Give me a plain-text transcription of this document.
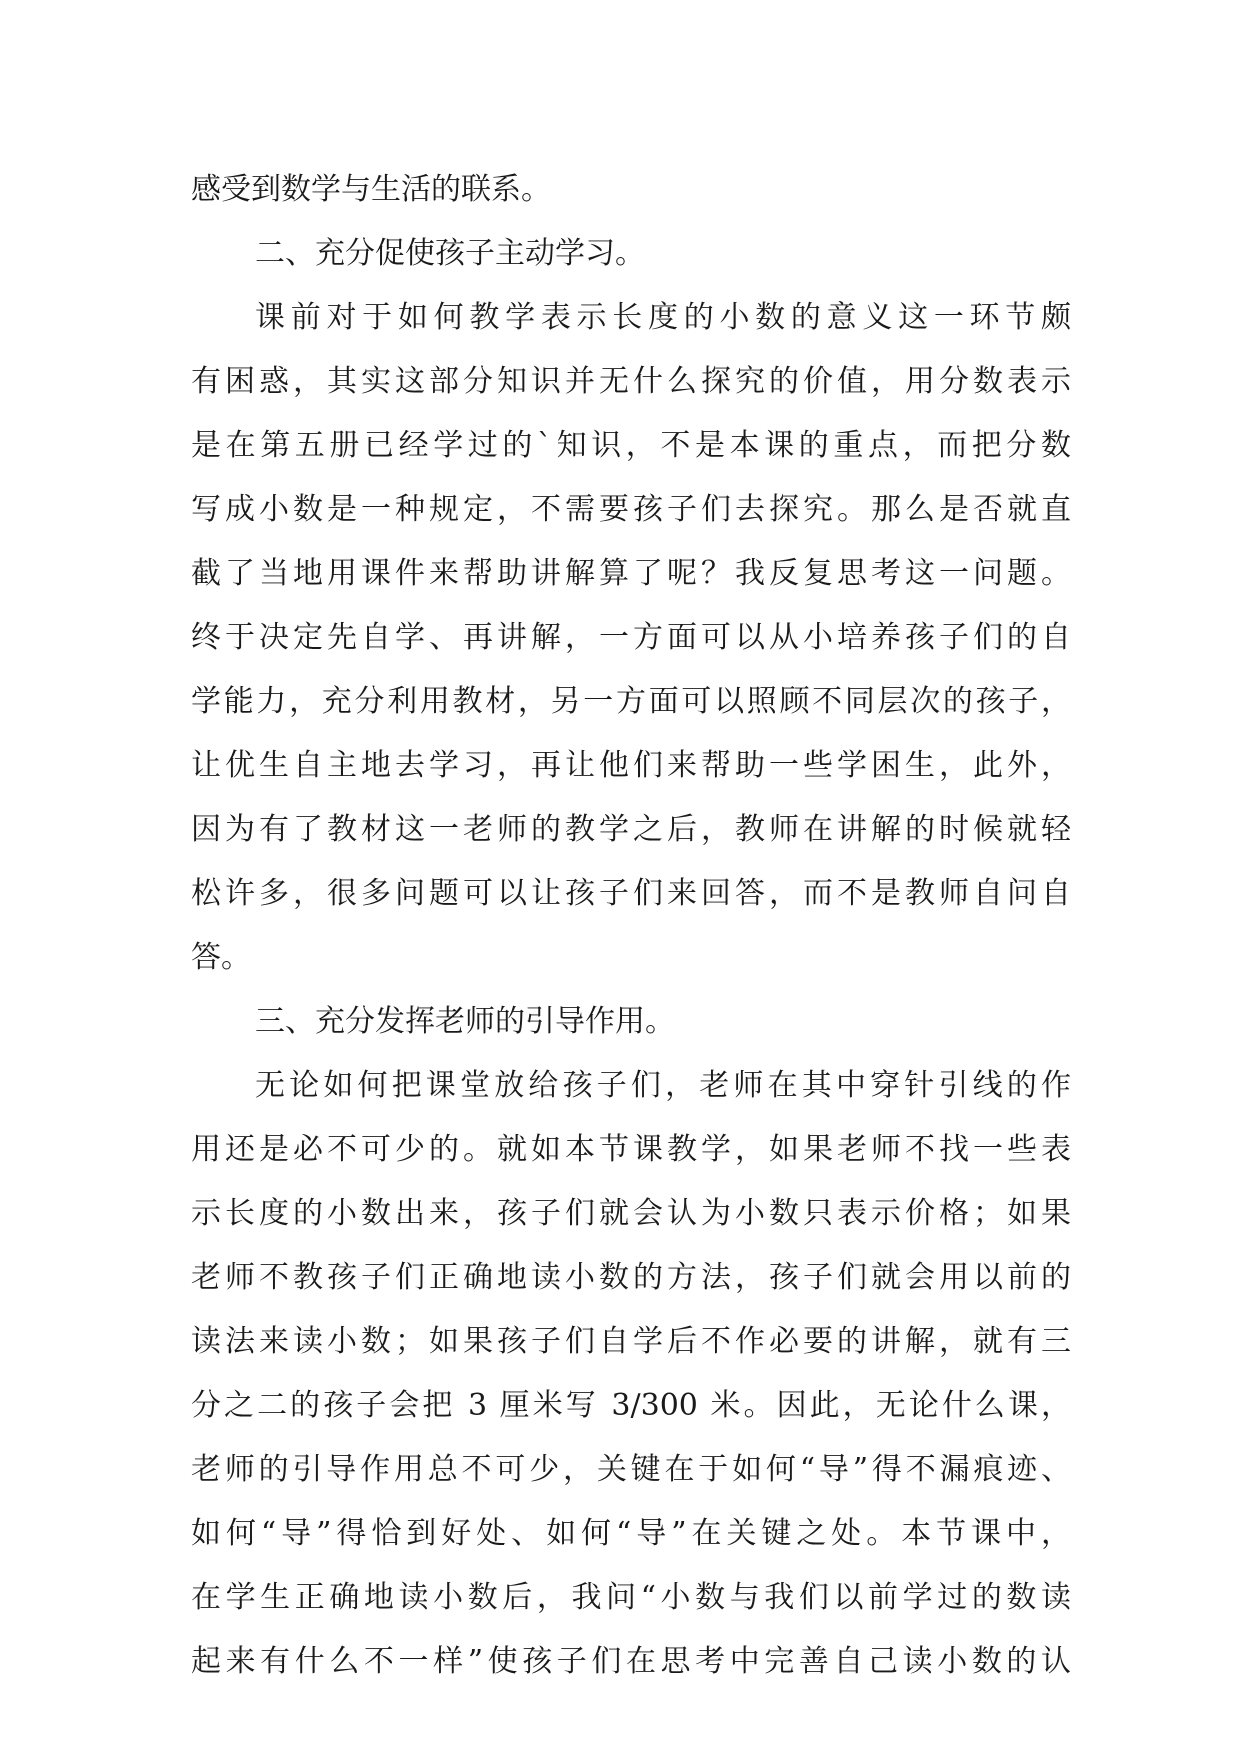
感受到数学与生活的联系。
二、充分促使孩子主动学习。
课前对于如何教学表示长度的小数的意义这一环节颇
有困惑，其实这部分知识并无什么探究的价值，用分数表示
是在第五册已经学过的`知识，不是本课的重点，而把分数
写成小数是一种规定，不需要孩子们去探究。那么是否就直
截了当地用课件来帮助讲解算了呢？我反复思考这一问题。
终于决定先自学、再讲解，一方面可以从小培养孩子们的自
学能力，充分利用教材，另一方面可以照顾不同层次的孩子，
让优生自主地去学习，再让他们来帮助一些学困生，此外，
因为有了教材这一老师的教学之后，教师在讲解的时候就轻
松许多，很多问题可以让孩子们来回答，而不是教师自问自
答。
三、充分发挥老师的引导作用。
无论如何把课堂放给孩子们，老师在其中穿针引线的作
用还是必不可少的。就如本节课教学，如果老师不找一些表
示长度的小数出来，孩子们就会认为小数只表示价格；如果
老师不教孩子们正确地读小数的方法，孩子们就会用以前的
读法来读小数；如果孩子们自学后不作必要的讲解，就有三
分之二的孩子会把 3 厘米写 3/300 米。因此，无论什么课，
老师的引导作用总不可少，关键在于如何“导”得不漏痕迹、
如何“导”得恰到好处、如何“导”在关键之处。本节课中，
在学生正确地读小数后，我问“小数与我们以前学过的数读
起来有什么不一样”使孩子们在思考中完善自己读小数的认
